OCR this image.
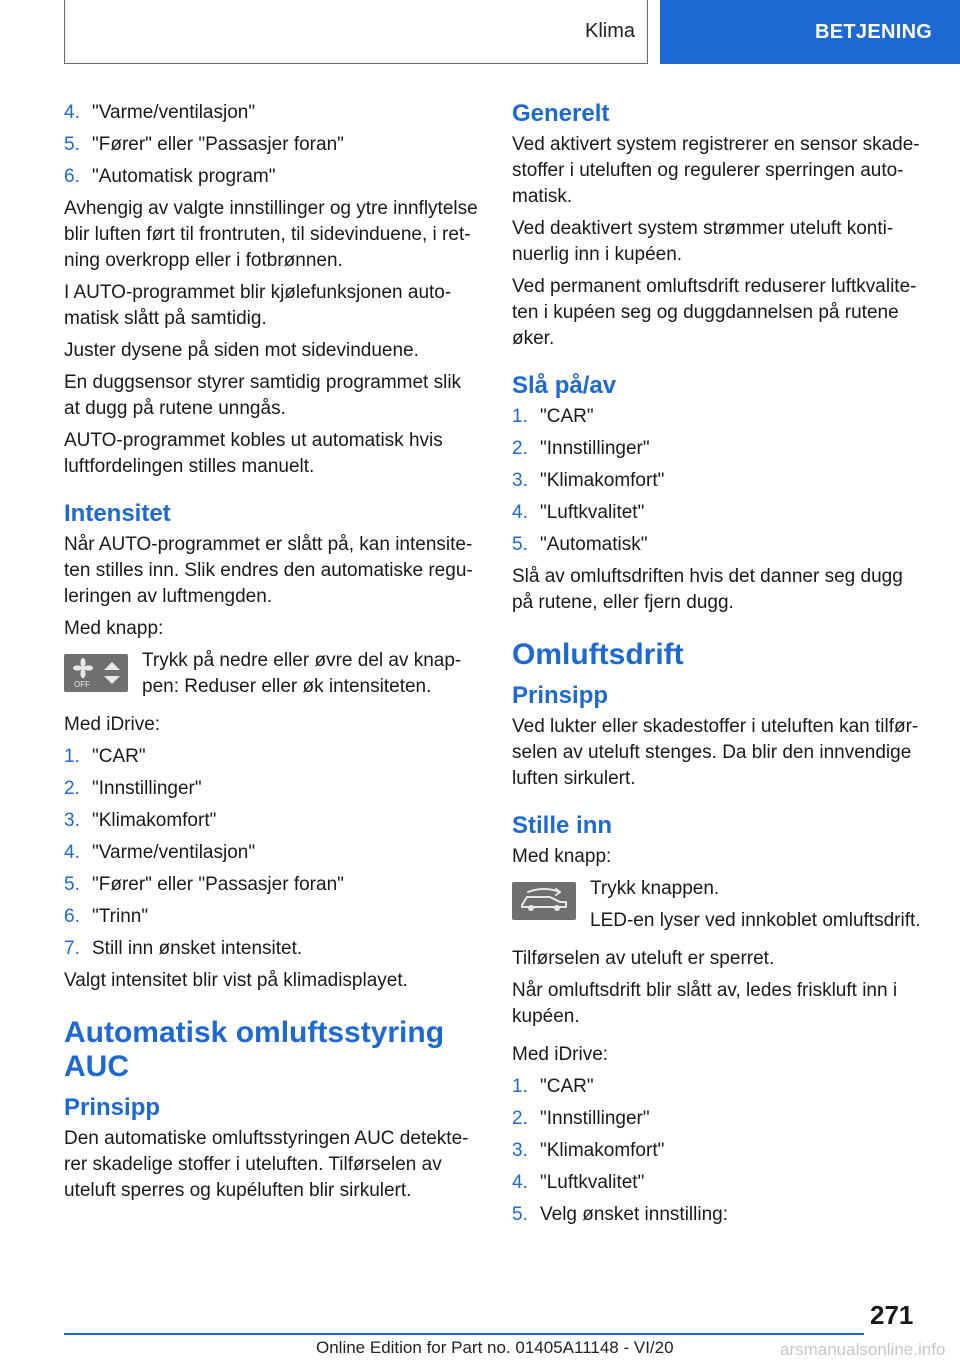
Klima	BETJENING
4. "Varme/ventilasjon"
5. "Fører" eller "Passasjer foran"
6. "Automatisk program"

Avhengig av valgte innstillinger og ytre innflytelse blir luften ført til frontruten, til sidevinduene, i ret- ning overkropp eller i fotbrønnen.

I AUTO-programmet blir kjølefunksjonen auto- matisk slått på samtidig.

Juster dysene på siden mot sidevinduene.

En duggsensor styrer samtidig programmet slik at dugg på rutene unngås.

AUTO-programmet kobles ut automatisk hvis luftfordelingen stilles manuelt.

Intensitet

Når AUTO-programmet er slått på, kan intensite- ten stilles inn. Slik endres den automatiske regu- leringen av luftmengden.

Med knapp:

OFF

Trykk på nedre eller øvre del av knap- pen: Reduser eller øk intensiteten.

Med iDrive:

1. "CAR"
2. "Innstillinger"
3. "Klimakomfort"
4. "Varme/ventilasjon"
5. "Fører" eller "Passasjer foran"
6. "Trinn"
7. Still inn ønsket intensitet.

Valgt intensitet blir vist på klimadisplayet.

Automatisk omluftsstyring AUC
Prinsipp

Den automatiske omluftsstyringen AUC detekte- rer skadelige stoffer i uteluften. Tilførselen av uteluft sperres og kupéluften blir sirkulert.

Generelt

Ved aktivert system registrerer en sensor skade- stoffer i uteluften og regulerer sperringen auto- matisk.

Ved deaktivert system strømmer uteluft konti- nuerlig inn i kupéen.

Ved permanent omluftsdrift reduserer luftkvalite- ten i kupéen seg og duggdannelsen på rutene øker.

Slå på/av
1. "CAR"
2. "Innstillinger"
3. "Klimakomfort"
4. "Luftkvalitet"
5. "Automatisk"

Slå av omluftsdriften hvis det danner seg dugg på rutene, eller fjern dugg.

Omluftsdrift
Prinsipp

Ved lukter eller skadestoffer i uteluften kan tilfør- selen av uteluft stenges. Da blir den innvendige luften sirkulert.

Stille inn

Med knapp:

Trykk knappen.

LED-en lyser ved innkoblet omluftsdrift.

Tilførselen av uteluft er sperret.

Når omluftsdrift blir slått av, ledes friskluft inn i kupéen.

Med iDrive:

1. "CAR"
2. "Innstillinger"
3. "Klimakomfort"
4. "Luftkvalitet"
5. Velg ønsket innstilling:
271
arsmanualsonline.info
Online Edition for Part no. 01405A11148 - VI/20
